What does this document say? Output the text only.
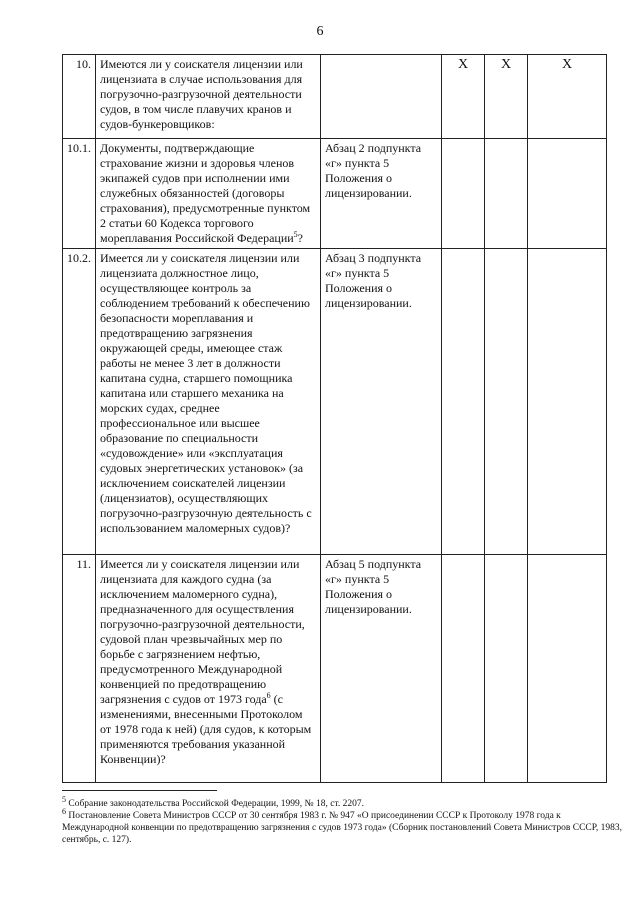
6
10.	Имеются ли у соискателя лицензии или лицензиата в случае использования для погрузочно-разгрузочной деятельности судов, в том числе плавучих кранов и судов-бункеровщиков:		X	X	X

10.1.	Документы, подтверждающие страхование жизни и здоровья членов экипажей судов при исполнении ими служебных обязанностей (договоры страхования), предусмотренные пунктом 2 статьи 60 Кодекса торгового мореплавания Российской Федерации$^5$?	Абзац 2 подпункта «г» пункта 5 Положения о лицензировании.			

10.2.	Имеется ли у соискателя лицензии или лицензиата должностное лицо, осуществляющее контроль за соблюдением требований к обеспечению безопасности мореплавания и предотвращению загрязнения окружающей среды, имеющее стаж работы не менее 3 лет в должности капитана судна, старшего помощника капитана или старшего механика на морских судах, среднее профессиональное или высшее образование по специальности «судовождение» или «эксплуатация судовых энергетических установок» (за исключением соискателей лицензии (лицензиатов), осуществляющих погрузочно-разгрузочную деятельность с использованием маломерных судов)?	Абзац 3 подпункта «г» пункта 5 Положения о лицензировании.			

11.	Имеется ли у соискателя лицензии или лицензиата для каждого судна (за исключением маломерного судна), предназначенного для осуществления погрузочно-разгрузочной деятельности, судовой план чрезвычайных мер по борьбе с загрязнением нефтью, предусмотренного Международной конвенцией по предотвращению загрязнения с судов от 1973 года$^6$ (с изменениями, внесенными Протоколом от 1978 года к ней) (для судов, к которым применяются требования указанной Конвенции)?	Абзац 5 подпункта «г» пункта 5 Положения о лицензировании.			

$^5$ Собрание законодательства Российской Федерации, 1999, № 18, ст. 2207.

$^6$ Постановление Совета Министров СССР от 30 сентября 1983 г. № 947 «О присоединении СССР к Протоколу 1978 года к Международной конвенции по предотвращению загрязнения с судов 1973 года» (Сборник постановлений Совета Министров СССР, 1983, сентябрь, с. 127).
